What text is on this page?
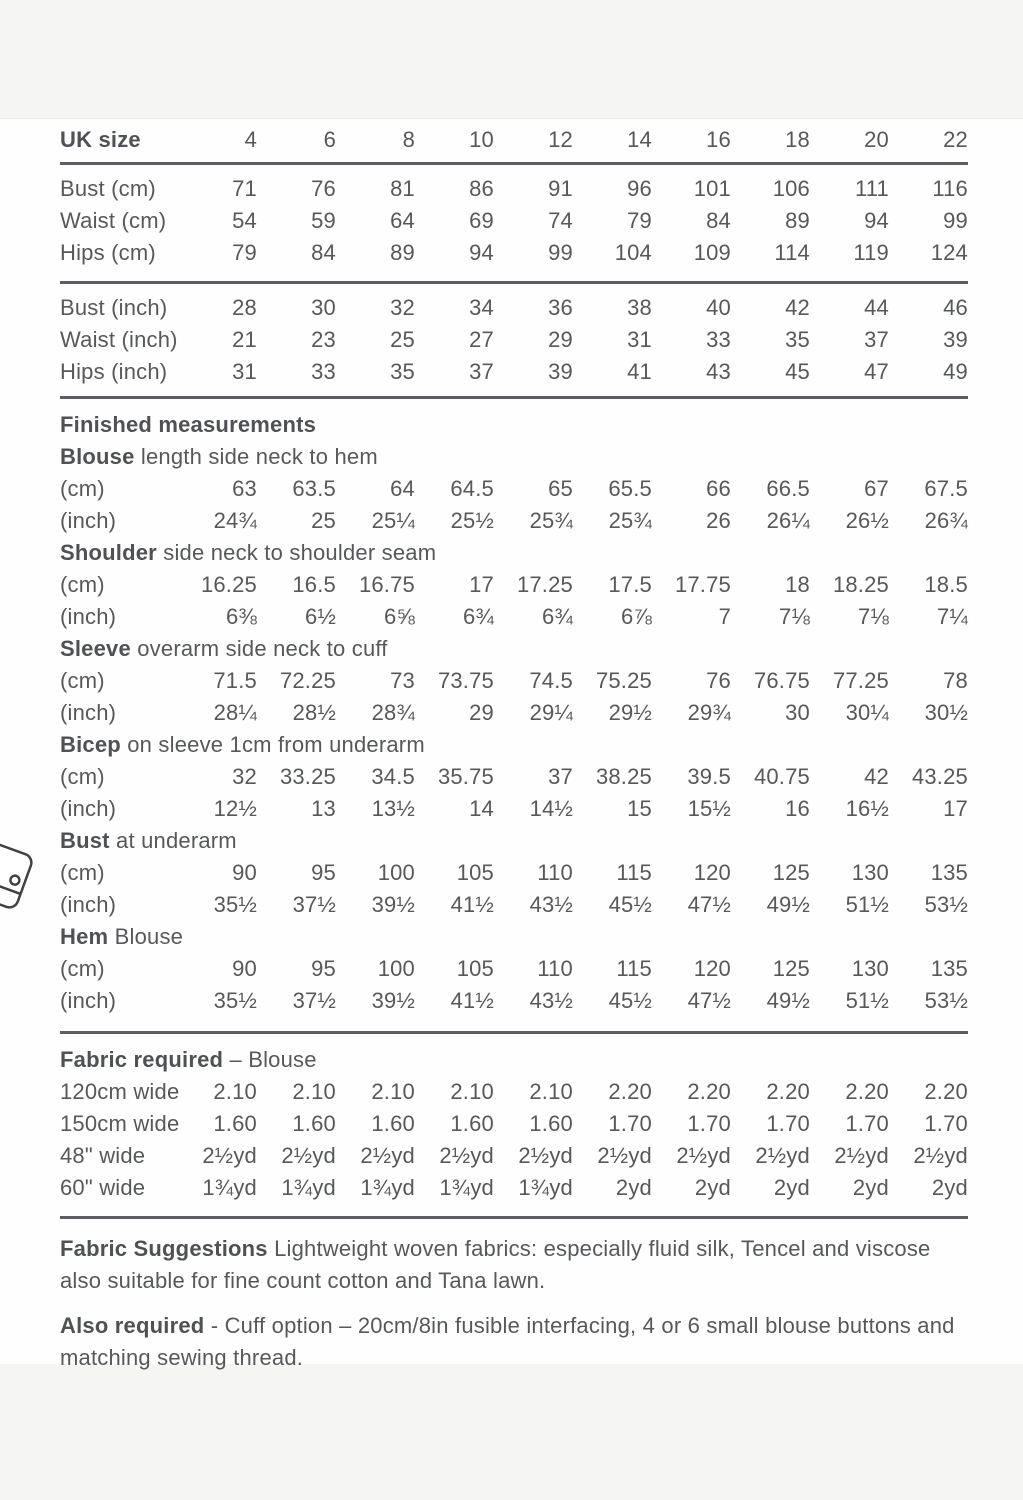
UK size	4	6	8	10	12	14	16	18	20	22
Bust (cm)	71	76	81	86	91	96	101	106	111	116
Waist (cm)	54	59	64	69	74	79	84	89	94	99
Hips (cm)	79	84	89	94	99	104	109	114	119	124
Bust (inch)	28	30	32	34	36	38	40	42	44	46
Waist (inch)	21	23	25	27	29	31	33	35	37	39
Hips (inch)	31	33	35	37	39	41	43	45	47	49
Finished measurements
Blouse length side neck to hem
(cm)	63	63.5	64	64.5	65	65.5	66	66.5	67	67.5
(inch)	24¾	25	25¼	25½	25¾	25¾	26	26¼	26½	26¾
Shoulder side neck to shoulder seam
(cm)	16.25	16.5	16.75	17	17.25	17.5	17.75	18	18.25	18.5
(inch)	6⅜	6½	6⅝	6¾	6¾	6⅞	7	7⅛	7⅛	7¼
Sleeve overarm side neck to cuff
(cm)	71.5	72.25	73	73.75	74.5	75.25	76	76.75	77.25	78
(inch)	28¼	28½	28¾	29	29¼	29½	29¾	30	30¼	30½
Bicep on sleeve 1cm from underarm
(cm)	32	33.25	34.5	35.75	37	38.25	39.5	40.75	42	43.25
(inch)	12½	13	13½	14	14½	15	15½	16	16½	17
Bust at underarm
(cm)	90	95	100	105	110	115	120	125	130	135
(inch)	35½	37½	39½	41½	43½	45½	47½	49½	51½	53½
Hem Blouse
(cm)	90	95	100	105	110	115	120	125	130	135
(inch)	35½	37½	39½	41½	43½	45½	47½	49½	51½	53½
Fabric required – Blouse
120cm wide	2.10	2.10	2.10	2.10	2.10	2.20	2.20	2.20	2.20	2.20
150cm wide	1.60	1.60	1.60	1.60	1.60	1.70	1.70	1.70	1.70	1.70
48" wide	2½yd	2½yd	2½yd	2½yd	2½yd	2½yd	2½yd	2½yd	2½yd	2½yd
60" wide	1¾yd	1¾yd	1¾yd	1¾yd	1¾yd	2yd	2yd	2yd	2yd	2yd

Fabric Suggestions Lightweight woven fabrics: especially fluid silk, Tencel and viscose also suitable for fine count cotton and Tana lawn.

Also required - Cuff option – 20cm/8in fusible interfacing, 4 or 6 small blouse buttons and matching sewing thread.
